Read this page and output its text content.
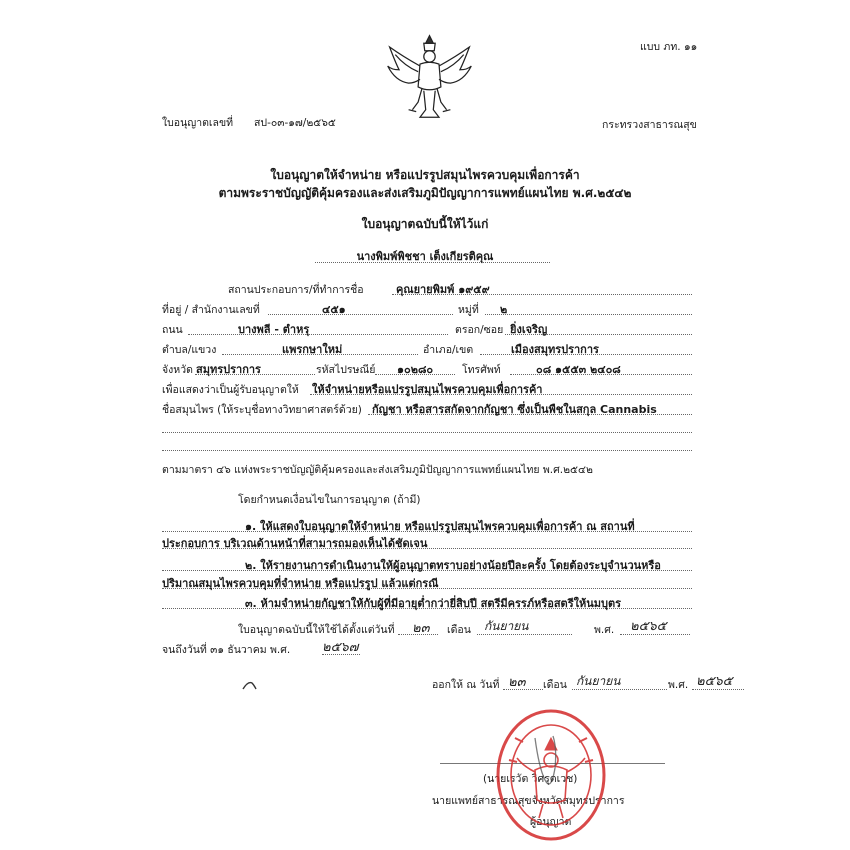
แบบ ภท. ๑๑
ใบอนุญาตเลขที่ สป-๐๓-๑๗/๒๕๖๕	กระทรวงสาธารณสุข
ใบอนุญาตให้จำหน่าย หรือแปรรูปสมุนไพรควบคุมเพื่อการค้า
ตามพระราชบัญญัติคุ้มครองและส่งเสริมภูมิปัญญาการแพทย์แผนไทย พ.ศ.๒๕๔๒
ใบอนุญาตฉบับนี้ให้ไว้แก่
นางพิมพ์พิชชา เต็งเกียรติคุณ
สถานประกอบการ/ที่ทำการชื่อ	คุณยายพิมพ์ ๑๙๕๙
ที่อยู่ / สำนักงานเลขที่	๔๕๑	หมู่ที่ ๒
ถนน	บางพลี - ตำหรุ	ตรอก/ซอย ยิ่งเจริญ
ตำบล/แขวง	แพรกษาใหม่	อำเภอ/เขต	เมืองสมุทรปราการ
จังหวัด สมุทรปราการ	รหัสไปรษณีย์ ๑๐๒๘๐	โทรศัพท์	๐๘ ๑๕๕๓ ๒๔๐๘
เพื่อแสดงว่าเป็นผู้รับอนุญาตให้ ให้จำหน่ายหรือแปรรูปสมุนไพรควบคุมเพื่อการค้า
ชื่อสมุนไพร (ให้ระบุชื่อทางวิทยาศาสตร์ด้วย) กัญชา หรือสารสกัดจากกัญชา ซึ่งเป็นพืชในสกุล Cannabis
ตามมาตรา ๔๖ แห่งพระราชบัญญัติคุ้มครองและส่งเสริมภูมิปัญญาการแพทย์แผนไทย พ.ศ.๒๕๔๒
โดยกำหนดเงื่อนไขในการอนุญาต (ถ้ามี)
๑. ให้แสดงใบอนุญาตให้จำหน่าย หรือแปรรูปสมุนไพรควบคุมเพื่อการค้า ณ สถานที่
ประกอบการ บริเวณด้านหน้าที่สามารถมองเห็นได้ชัดเจน
๒. ให้รายงานการดำเนินงานให้ผู้อนุญาตทราบอย่างน้อยปีละครั้ง โดยต้องระบุจำนวนหรือ
ปริมาณสมุนไพรควบคุมที่จำหน่าย หรือแปรรูป แล้วแต่กรณี
๓. ห้ามจำหน่ายกัญชาให้กับผู้ที่มีอายุต่ำกว่ายี่สิบปี สตรีมีครรภ์หรือสตรีให้นมบุตร
ใบอนุญาตฉบับนี้ให้ใช้ได้ตั้งแต่วันที่ ๒๓ เดือน กันยายน	พ.ศ. ๒๕๖๕
จนถึงวันที่ ๓๑ ธันวาคม พ.ศ. ๒๕๖๗
ออกให้ ณ วันที่ ๒๓ เดือน กันยายน	พ.ศ. ๒๕๖๕
(นายเรวัต วิศรุตเวช)
นายแพทย์สาธารณสุขจังหวัดสมุทรปราการ
ผู้อนุญาต
